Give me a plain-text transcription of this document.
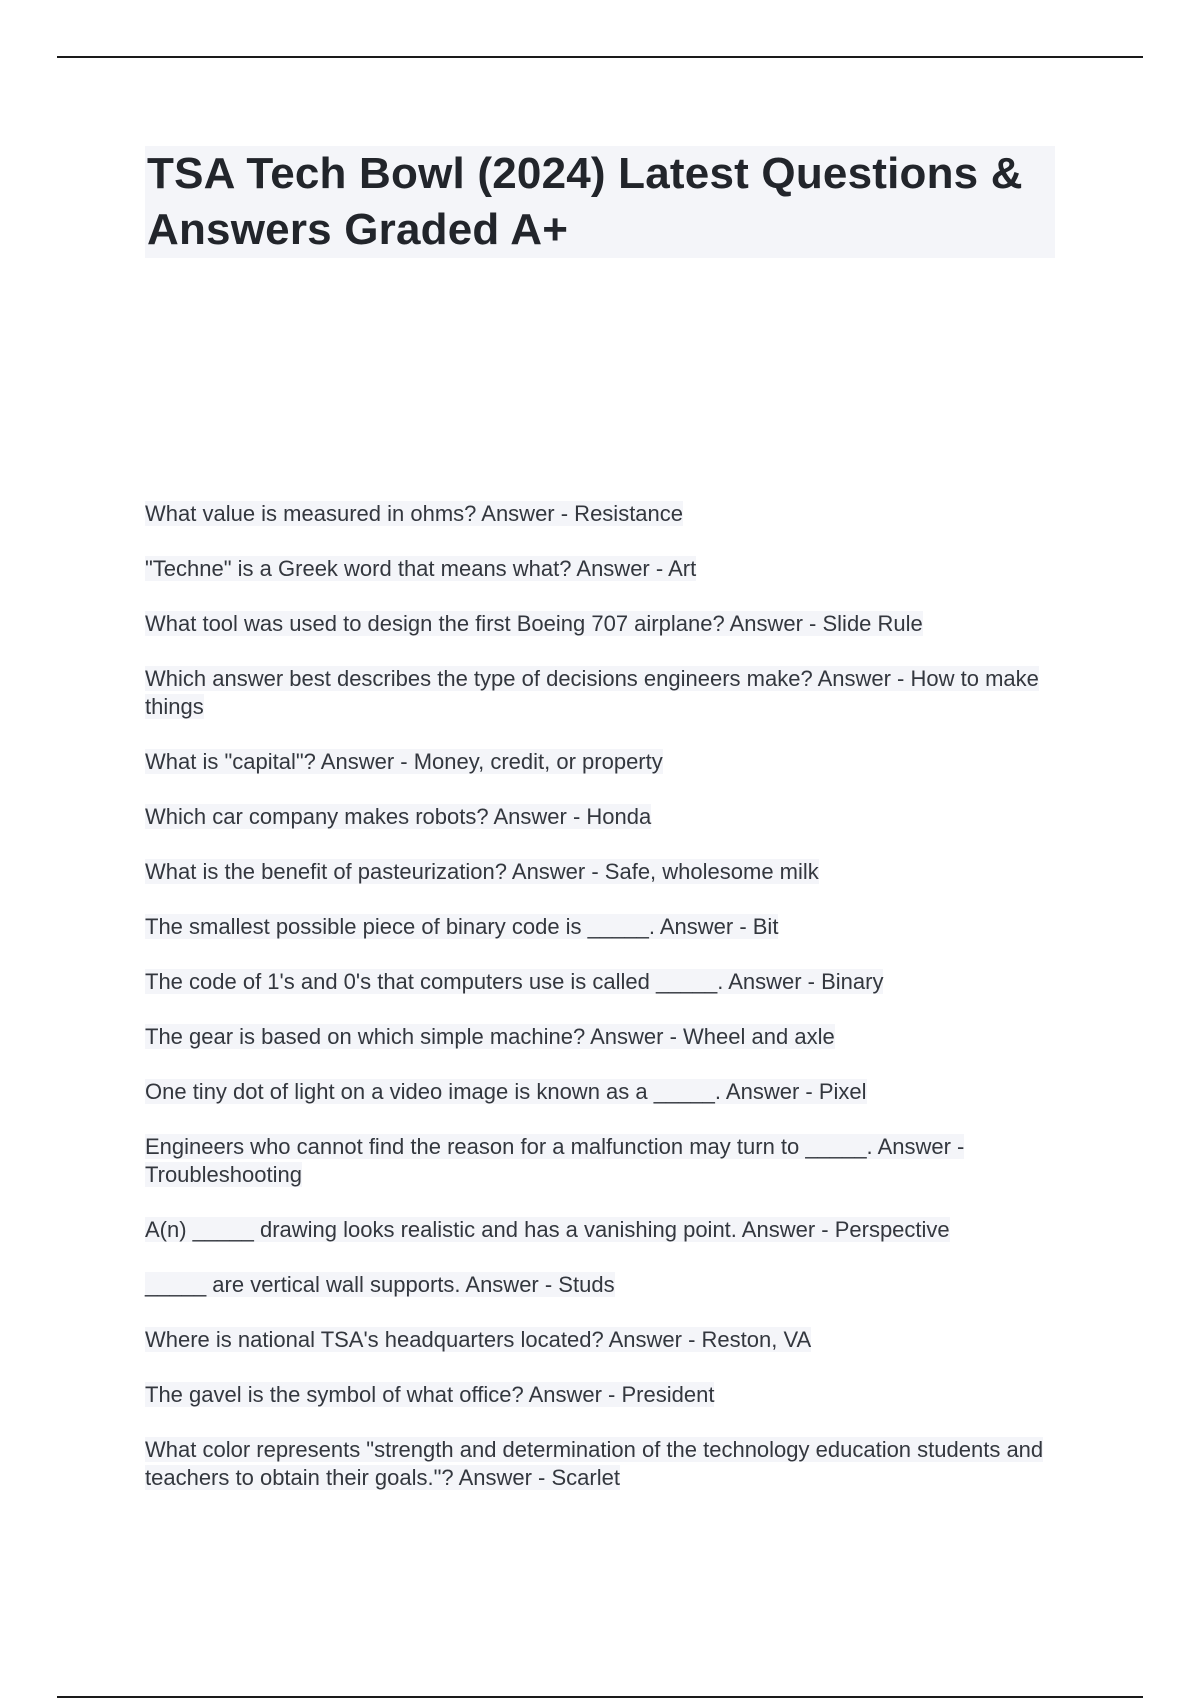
TSA Tech Bowl (2024) Latest Questions & Answers Graded A+
What value is measured in ohms? Answer - Resistance
"Techne" is a Greek word that means what? Answer - Art
What tool was used to design the first Boeing 707 airplane? Answer - Slide Rule
Which answer best describes the type of decisions engineers make? Answer - How to make things
What is "capital"? Answer - Money, credit, or property
Which car company makes robots? Answer - Honda
What is the benefit of pasteurization? Answer - Safe, wholesome milk
The smallest possible piece of binary code is _____. Answer - Bit
The code of 1's and 0's that computers use is called _____. Answer - Binary
The gear is based on which simple machine? Answer - Wheel and axle
One tiny dot of light on a video image is known as a _____. Answer - Pixel
Engineers who cannot find the reason for a malfunction may turn to _____. Answer - Troubleshooting
A(n) _____ drawing looks realistic and has a vanishing point. Answer - Perspective
_____ are vertical wall supports. Answer - Studs
Where is national TSA's headquarters located? Answer - Reston, VA
The gavel is the symbol of what office? Answer - President
What color represents "strength and determination of the technology education students and teachers to obtain their goals."? Answer - Scarlet
